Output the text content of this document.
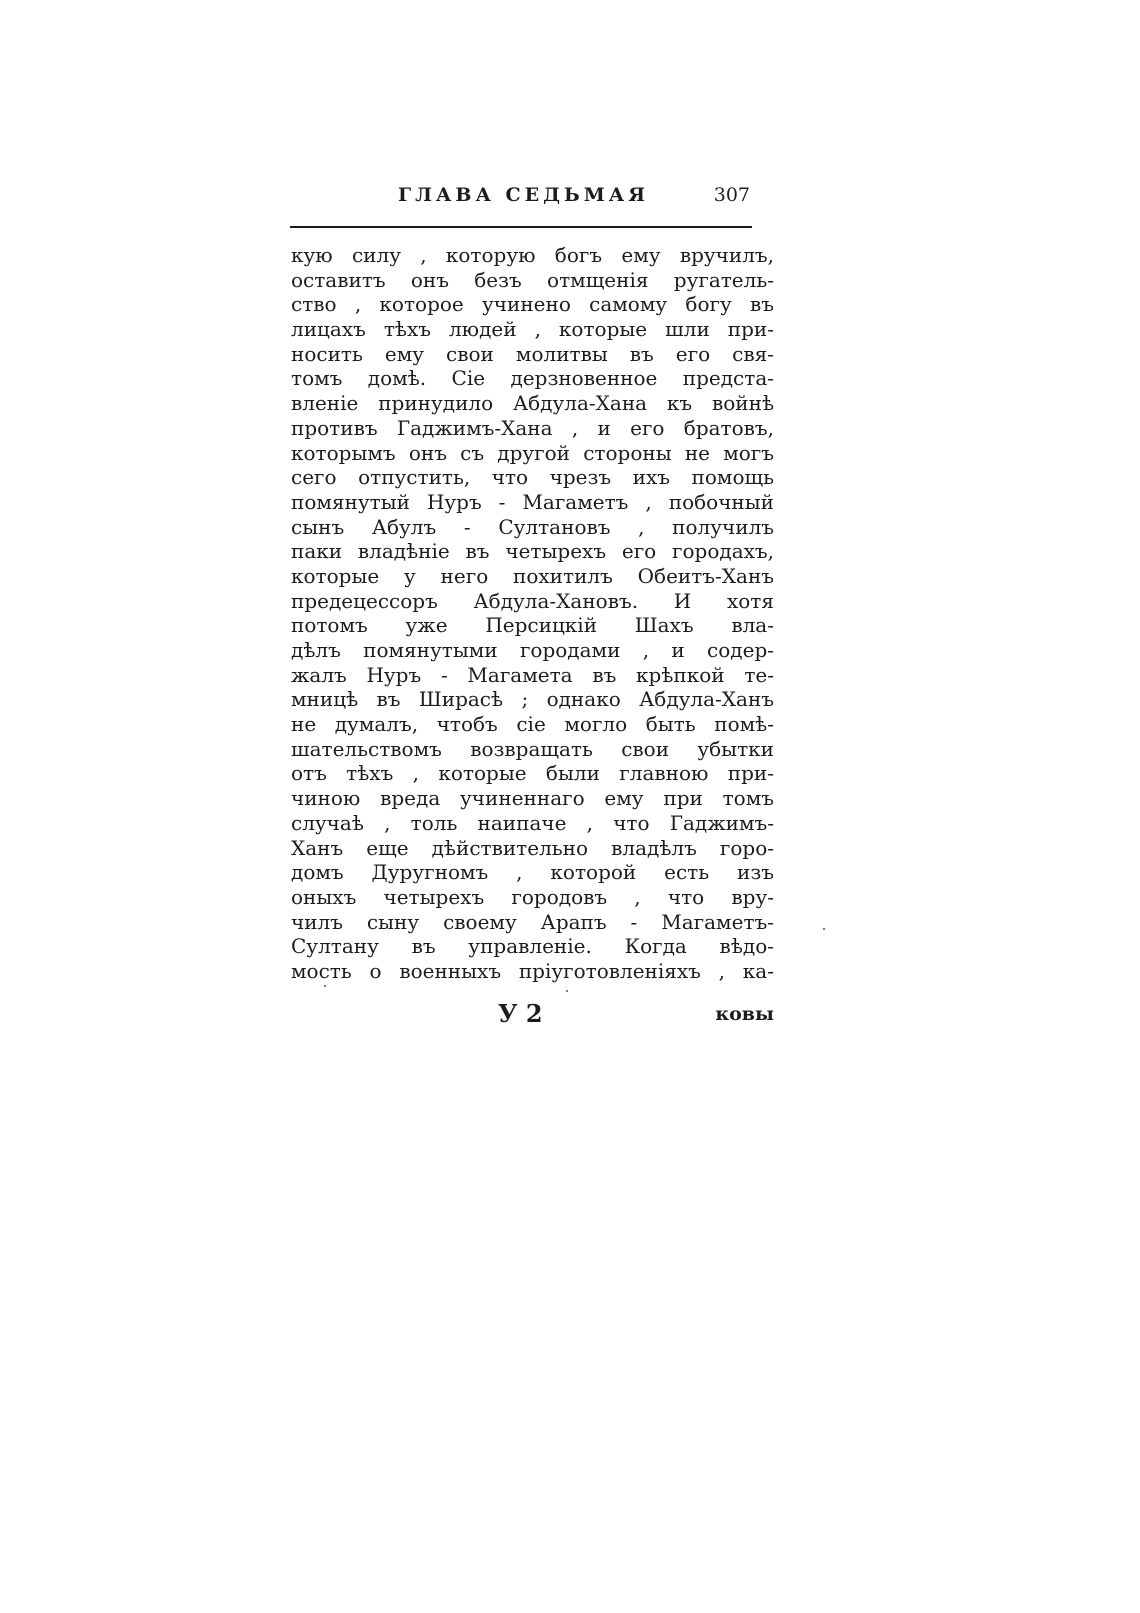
ГЛАВА СЕДЬМАЯ	307
кую силу , которую богъ ему вручилъ,
оставитъ онъ безъ отмщенія ругатель-
ство , которое учинено самому богу въ
лицахъ тѣхъ людей , которые шли при-
носить ему свои молитвы въ его свя-
томъ домѣ. Сіе дерзновенное предста-
вленіе принудило Абдула-Хана къ войнѣ
противъ Гаджимъ-Хана , и его братовъ,
которымъ онъ съ другой стороны не могъ
сего отпустить, что чрезъ ихъ помощь
помянутый Нуръ - Магаметъ , побочный
сынъ Абулъ - Султановъ , получилъ
паки владѣніе въ четырехъ его городахъ,
которые у него похитилъ Обеитъ-Ханъ
предецессоръ Абдула-Хановъ. И хотя
потомъ уже Персицкій Шахъ вла-
дѣлъ помянутыми городами , и содер-
жалъ Нуръ - Магамета въ крѣпкой те-
мницѣ въ Ширасѣ ; однако Абдула-Ханъ
не думалъ, чтобъ сіе могло быть помѣ-
шательствомъ возвращать свои убытки
отъ тѣхъ , которые были главною при-
чиною вреда учиненнаго ему при томъ
случаѣ , толь наипаче , что Гаджимъ-
Ханъ еще дѣйствительно владѣлъ горо-
домъ Дуругномъ , которой есть изъ
оныхъ четырехъ городовъ , что вру-
чилъ сыну своему Арапъ - Магаметъ-
Султану въ управленіе. Когда вѣдо-
мость о военныхъ пріуготовленіяхъ , ка-
У 2	ковы
